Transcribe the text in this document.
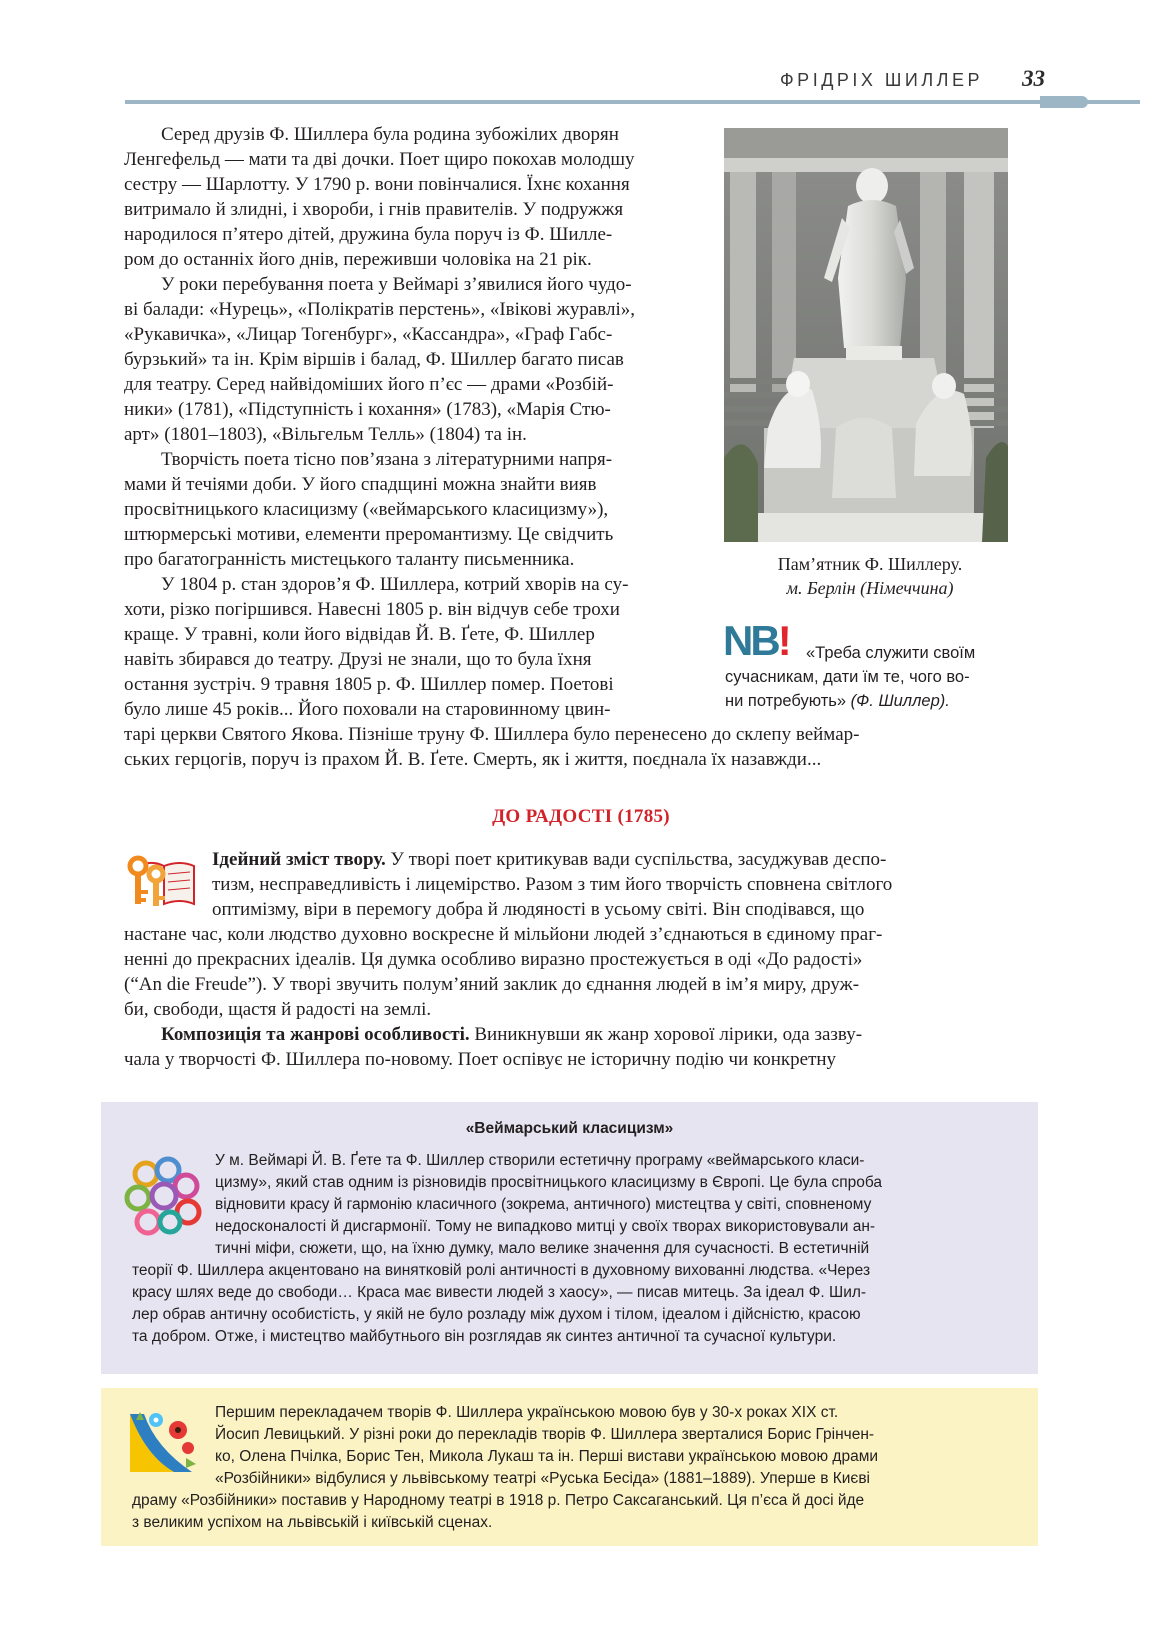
ФРІДРІХ ШИЛЛЕР 33
Серед друзів Ф. Шиллера була родина зубожілих дворян
Ленгефельд — мати та дві дочки. Поет щиро покохав молодшу
сестру — Шарлотту. У 1790 р. вони повінчалися. Їхнє кохання
витримало й злидні, і хвороби, і гнів правителів. У подружжя
народилося п’ятеро дітей, дружина була поруч із Ф. Шилле-
ром до останніх його днів, переживши чоловіка на 21 рік.
У роки перебування поета у Веймарі з’явилися його чудо-
ві балади: «Нурець», «Полікратів перстень», «Івікові журавлі»,
«Рукавичка», «Лицар Тогенбург», «Кассандра», «Граф Габс-
бурзький» та ін. Крім віршів і балад, Ф. Шиллер багато писав
для театру. Серед найвідоміших його п’єс — драми «Розбій-
ники» (1781), «Підступність і кохання» (1783), «Марія Стю-
арт» (1801–1803), «Вільгельм Телль» (1804) та ін.
Творчість поета тісно пов’язана з літературними напря-
мами й течіями доби. У його спадщині можна знайти вияв
просвітницького класицизму («веймарського класицизму»),
штюрмерські мотиви, елементи преромантизму. Це свідчить
про багатогранність мистецького таланту письменника.
У 1804 р. стан здоров’я Ф. Шиллера, котрий хворів на су-
хоти, різко погіршився. Навесні 1805 р. він відчув себе трохи
краще. У травні, коли його відвідав Й. В. Ґете, Ф. Шиллер
навіть збирався до театру. Друзі не знали, що то була їхня
остання зустріч. 9 травня 1805 р. Ф. Шиллер помер. Поетові
було лише 45 років... Його поховали на старовинному цвин-
тарі церкви Святого Якова. Пізніше труну Ф. Шиллера було перенесено до склепу веймар-
ських герцогів, поруч із прахом Й. В. Ґете. Смерть, як і життя, поєднала їх назавжди...
Пам’ятник Ф. Шиллеру.
м. Берлін (Німеччина)
NB! «Треба служити своїм
сучасникам, дати їм те, чого во-
ни потребують» (Ф. Шиллер).
ДО РАДОСТІ (1785)
Ідейний зміст твору. У творі поет критикував вади суспільства, засуджував деспо-
тизм, несправедливість і лицемірство. Разом з тим його творчість сповнена світлого
оптимізму, віри в перемогу добра й людяності в усьому світі. Він сподівався, що
настане час, коли людство духовно воскресне й мільйони людей з’єднаються в єдиному праг-
ненні до прекрасних ідеалів. Ця думка особливо виразно простежується в оді «До радості»
(“An die Freude”). У творі звучить полум’яний заклик до єднання людей в ім’я миру, друж-
би, свободи, щастя й радості на землі.
Композиція та жанрові особливості. Виникнувши як жанр хорової лірики, ода зазву-
чала у творчості Ф. Шиллера по-новому. Поет оспівує не історичну подію чи конкретну
«Веймарський класицизм»
У м. Веймарі Й. В. Ґете та Ф. Шиллер створили естетичну програму «веймарського класи-
цизму», який став одним із різновидів просвітницького класицизму в Європі. Це була спроба
відновити красу й гармонію класичного (зокрема, античного) мистецтва у світі, сповненому
недосконалості й дисгармонії. Тому не випадково митці у своїх творах використовували ан-
тичні міфи, сюжети, що, на їхню думку, мало велике значення для сучасності. В естетичній
теорії Ф. Шиллера акцентовано на винятковій ролі античності в духовному вихованні людства. «Через
красу шлях веде до свободи… Краса має вивести людей з хаосу», — писав митець. За ідеал Ф. Шил-
лер обрав античну особистість, у якій не було розладу між духом і тілом, ідеалом і дійсністю, красою
та добром. Отже, і мистецтво майбутнього він розглядав як синтез античної та сучасної культури.
Першим перекладачем творів Ф. Шиллера українською мовою був у 30-х роках XIX ст.
Йосип Левицький. У різні роки до перекладів творів Ф. Шиллера зверталися Борис Грінчен-
ко, Олена Пчілка, Борис Тен, Микола Лукаш та ін. Перші вистави українською мовою драми
«Розбійники» відбулися у львівському театрі «Руська Бесіда» (1881–1889). Уперше в Києві
драму «Розбійники» поставив у Народному театрі в 1918 р. Петро Саксаганський. Ця п’єса й досі йде
з великим успіхом на львівській і київській сценах.
